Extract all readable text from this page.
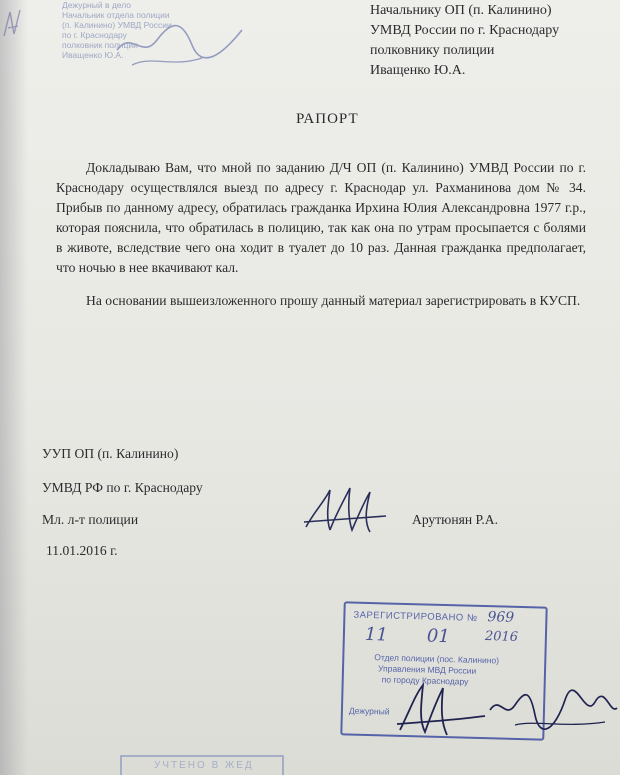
Дежурный в дело
Начальник отдела полиции
(п. Калинино) УМВД России
по г. Краснодару
полковник полиции
Иващенко Ю.А.
Начальнику ОП (п. Калинино)
УМВД России по г. Краснодару
полковнику полиции
Иващенко Ю.А.
РАПОРТ

Докладываю Вам, что мной по заданию Д/Ч ОП (п. Калинино) УМВД России по г. Краснодару осуществлялся выезд по адресу г. Краснодар ул. Рахманинова дом № 34. Прибыв по данному адресу, обратилась гражданка Ирхина Юлия Александровна 1977 г.р., которая пояснила, что обратилась в полицию, так как она по утрам просыпается с болями в животе, вследствие чего она ходит в туалет до 10 раз. Данная гражданка предполагает, что ночью в нее вкачивают кал.

На основании вышеизложенного прошу данный материал зарегистрировать в КУСП.

УУП ОП (п. Калинино)
УМВД РФ по г. Краснодару
Мл. л-т полиции
11.01.2016 г.
Арутюнян Р.А.
ЗАРЕГИСТРИРОВАНО № 969
11 01	2016
Отдел полиции (пос. Калинино)
Управления МВД России
по городу Краснодару
Дежурный
УЧТЕНО В ЖЕД
